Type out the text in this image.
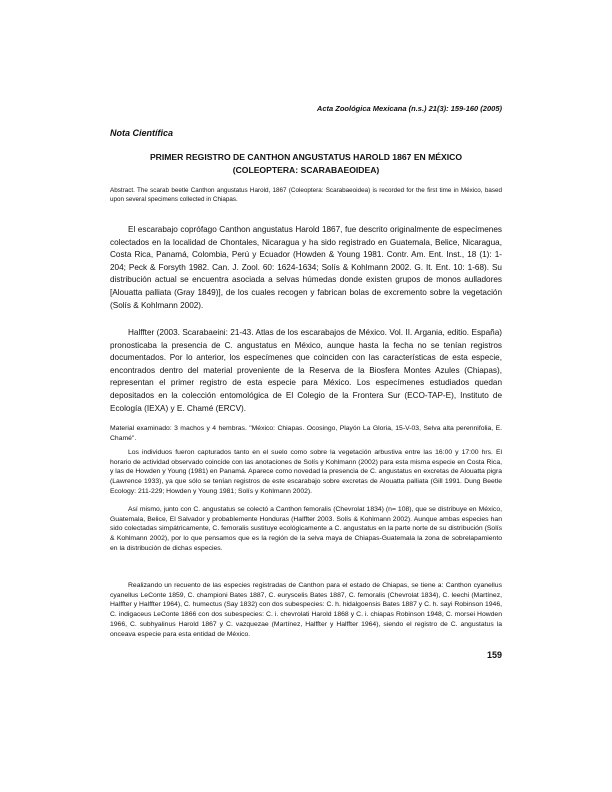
Acta Zoológica Mexicana (n.s.) 21(3): 159-160 (2005)
Nota Científica
PRIMER REGISTRO DE CANTHON ANGUSTATUS HAROLD 1867 EN MÉXICO
(COLEOPTERA: SCARABAEOIDEA)

Abstract. The scarab beetle Canthon angustatus Harold, 1867 (Coleoptera: Scarabaeoidea) is recorded for the first time in México, based upon several specimens collected in Chiapas.

El escarabajo coprófago Canthon angustatus Harold 1867, fue descrito originalmente de especímenes colectados en la localidad de Chontales, Nicaragua y ha sido registrado en Guatemala, Belice, Nicaragua, Costa Rica, Panamá, Colombia, Perú y Ecuador (Howden & Young 1981. Contr. Am. Ent. Inst., 18 (1): 1-204; Peck & Forsyth 1982. Can. J. Zool. 60: 1624-1634; Solís & Kohlmann 2002. G. It. Ent. 10: 1-68). Su distribución actual se encuentra asociada a selvas húmedas donde existen grupos de monos aulladores [Alouatta palliata (Gray 1849)], de los cuales recogen y fabrican bolas de excremento sobre la vegetación (Solís & Kohlmann 2002).

Halffter (2003. Scarabaeini: 21-43. Atlas de los escarabajos de México. Vol. II. Argania, editio. España) pronosticaba la presencia de C. angustatus en México, aunque hasta la fecha no se tenían registros documentados. Por lo anterior, los especímenes que coinciden con las características de esta especie, encontrados dentro del material proveniente de la Reserva de la Biosfera Montes Azules (Chiapas), representan el primer registro de esta especie para México. Los especímenes estudiados quedan depositados en la colección entomológica de El Colegio de la Frontera Sur (ECO-TAP-E), Instituto de Ecología (IEXA) y E. Chamé (ERCV).

Material examinado: 3 machos y 4 hembras. "México: Chiapas. Ocosingo, Playón La Gloria, 15-V-03, Selva alta perennifolia, E. Chamé".

Los individuos fueron capturados tanto en el suelo como sobre la vegetación arbustiva entre las 16:00 y 17:00 hrs. El horario de actividad observado coincide con las anotaciones de Solís y Kohlmann (2002) para esta misma especie en Costa Rica, y las de Howden y Young (1981) en Panamá. Aparece como novedad la presencia de C. angustatus en excretas de Alouatta pigra (Lawrence 1933), ya que sólo se tenían registros de este escarabajo sobre excretas de Alouatta palliata (Gill 1991. Dung Beetle Ecology: 211-229; Howden y Young 1981; Solís y Kohlmann 2002).

Así mismo, junto con C. angustatus se colectó a Canthon femoralis (Chevrolat 1834) (n= 108), que se distribuye en México, Guatemala, Belice, El Salvador y probablemente Honduras (Halffter 2003. Solís & Kohlmann 2002). Aunque ambas especies han sido colectadas simpátricamente, C. femoralis sustituye ecológicamente a C. angustatus en la parte norte de su distribución (Solís & Kohlmann 2002), por lo que pensamos que es la región de la selva maya de Chiapas-Guatemala la zona de sobrelapamiento en la distribución de dichas especies.

Realizando un recuento de las especies registradas de Canthon para el estado de Chiapas, se tiene a: Canthon cyanellus cyanellus LeConte 1859, C. championi Bates 1887, C. euryscelis Bates 1887, C. femoralis (Chevrolat 1834), C. leechi (Martínez, Halffter y Halffter 1964), C. humectus (Say 1832) con dos subespecies: C. h. hidalgoensis Bates 1887 y C. h. sayi Robinson 1946, C. indigaceus LeConte 1866 con dos subespecies: C. i. chevrolati Harold 1868 y C. i. chiapas Robinson 1948, C. morsei Howden 1966, C. subhyalinus Harold 1867 y C. vazquezae (Martínez, Halffter y Halffter 1964), siendo el registro de C. angustatus la onceava especie para esta entidad de México.

159
